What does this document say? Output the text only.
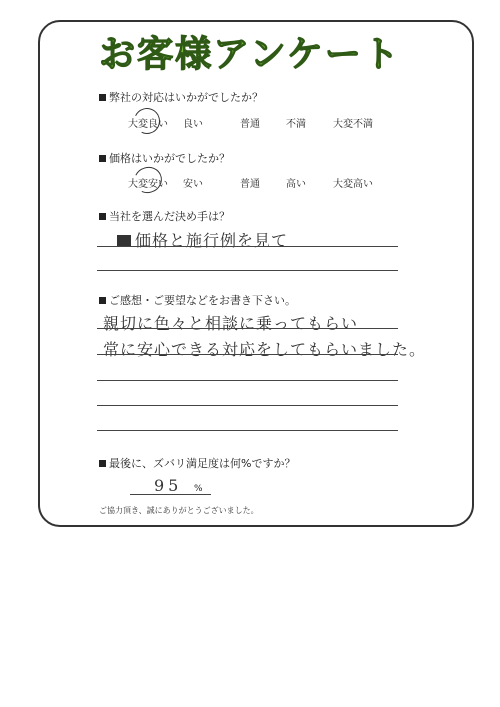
お客様アンケート
弊社の対応はいかがでしたか？
大変良い 良い	普通	不満	大変不満
価格はいかがでしたか？
大変安い 安い	普通	高い	大変高い
当社を選んだ決め手は？
価格と施行例を見て
ご感想・ご要望などをお書き下さい。
親切に色々と相談に乗ってもらい
常に安心できる対応をしてもらいました。
最後に、ズバリ満足度は何%ですか？
95 %
ご協力頂き、誠にありがとうございました。
